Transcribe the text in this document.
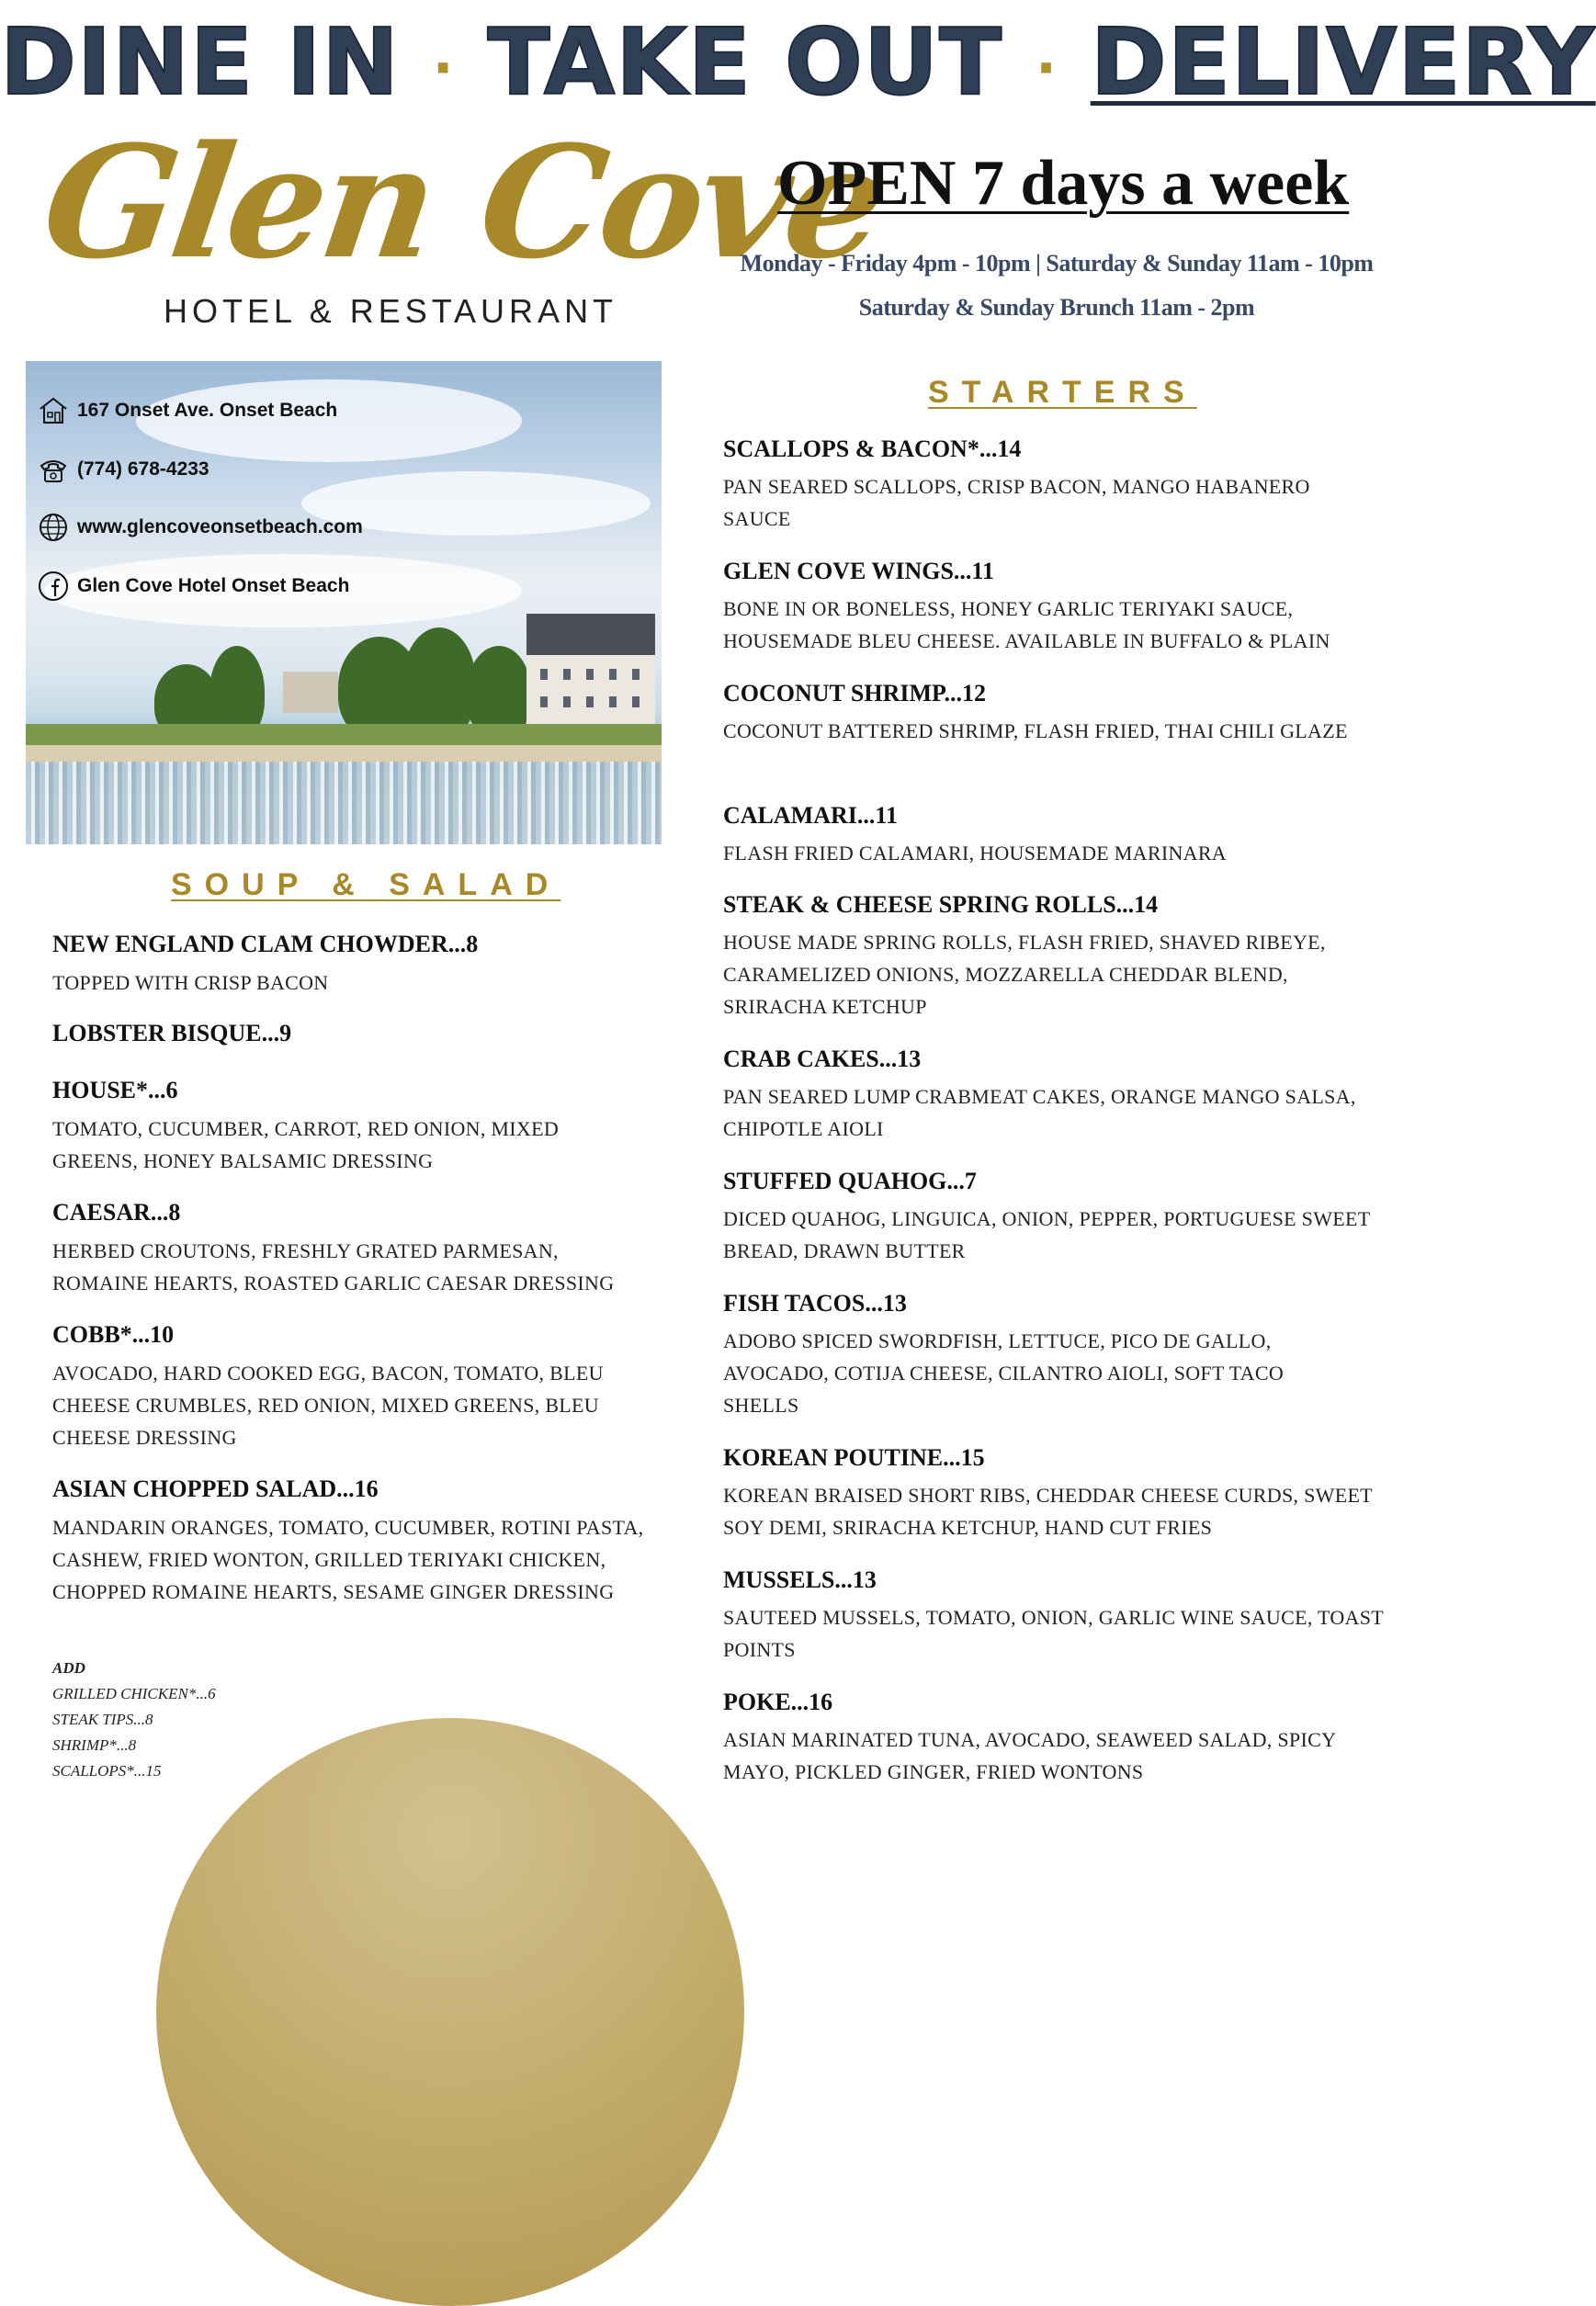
DINE IN · TAKE OUT · DELIVERY
Glen Cove
HOTEL & RESTAURANT
OPEN 7 days a week
Monday - Friday 4pm - 10pm | Saturday & Sunday 11am - 10pm
Saturday & Sunday Brunch 11am - 2pm
167 Onset Ave. Onset Beach
(774) 678-4233
www.glencoveonsetbeach.com
Glen Cove Hotel Onset Beach
SOUP & SALAD
NEW ENGLAND CLAM CHOWDER...8
TOPPED WITH CRISP BACON
LOBSTER BISQUE...9
HOUSE*...6
TOMATO, CUCUMBER, CARROT, RED ONION, MIXED GREENS, HONEY BALSAMIC DRESSING
CAESAR...8
HERBED CROUTONS, FRESHLY GRATED PARMESAN, ROMAINE HEARTS, ROASTED GARLIC CAESAR DRESSING
COBB*...10
AVOCADO, HARD COOKED EGG, BACON, TOMATO, BLEU CHEESE CRUMBLES, RED ONION, MIXED GREENS, BLEU CHEESE DRESSING
ASIAN CHOPPED SALAD...16
MANDARIN ORANGES, TOMATO, CUCUMBER, ROTINI PASTA, CASHEW, FRIED WONTON, GRILLED TERIYAKI CHICKEN, CHOPPED ROMAINE HEARTS, SESAME GINGER DRESSING
ADD
GRILLED CHICKEN*...6
STEAK TIPS...8
SHRIMP*...8
SCALLOPS*...15
STARTERS
SCALLOPS & BACON*...14
PAN SEARED SCALLOPS, CRISP BACON, MANGO HABANERO SAUCE
GLEN COVE WINGS...11
BONE IN OR BONELESS, HONEY GARLIC TERIYAKI SAUCE, HOUSEMADE BLEU CHEESE. AVAILABLE IN BUFFALO & PLAIN
COCONUT SHRIMP...12
COCONUT BATTERED SHRIMP, FLASH FRIED, THAI CHILI GLAZE
CALAMARI...11
FLASH FRIED CALAMARI, HOUSEMADE MARINARA
STEAK & CHEESE SPRING ROLLS...14
HOUSE MADE SPRING ROLLS, FLASH FRIED, SHAVED RIBEYE, CARAMELIZED ONIONS, MOZZARELLA CHEDDAR BLEND, SRIRACHA KETCHUP
CRAB CAKES...13
PAN SEARED LUMP CRABMEAT CAKES, ORANGE MANGO SALSA, CHIPOTLE AIOLI
STUFFED QUAHOG...7
DICED QUAHOG, LINGUICA, ONION, PEPPER, PORTUGUESE SWEET BREAD, DRAWN BUTTER
FISH TACOS...13
ADOBO SPICED SWORDFISH, LETTUCE, PICO DE GALLO, AVOCADO, COTIJA CHEESE, CILANTRO AIOLI, SOFT TACO SHELLS
KOREAN POUTINE...15
KOREAN BRAISED SHORT RIBS, CHEDDAR CHEESE CURDS, SWEET SOY DEMI, SRIRACHA KETCHUP, HAND CUT FRIES
MUSSELS...13
SAUTEED MUSSELS, TOMATO, ONION, GARLIC WINE SAUCE, TOAST POINTS
POKE...16
ASIAN MARINATED TUNA, AVOCADO, SEAWEED SALAD, SPICY MAYO, PICKLED GINGER, FRIED WONTONS
